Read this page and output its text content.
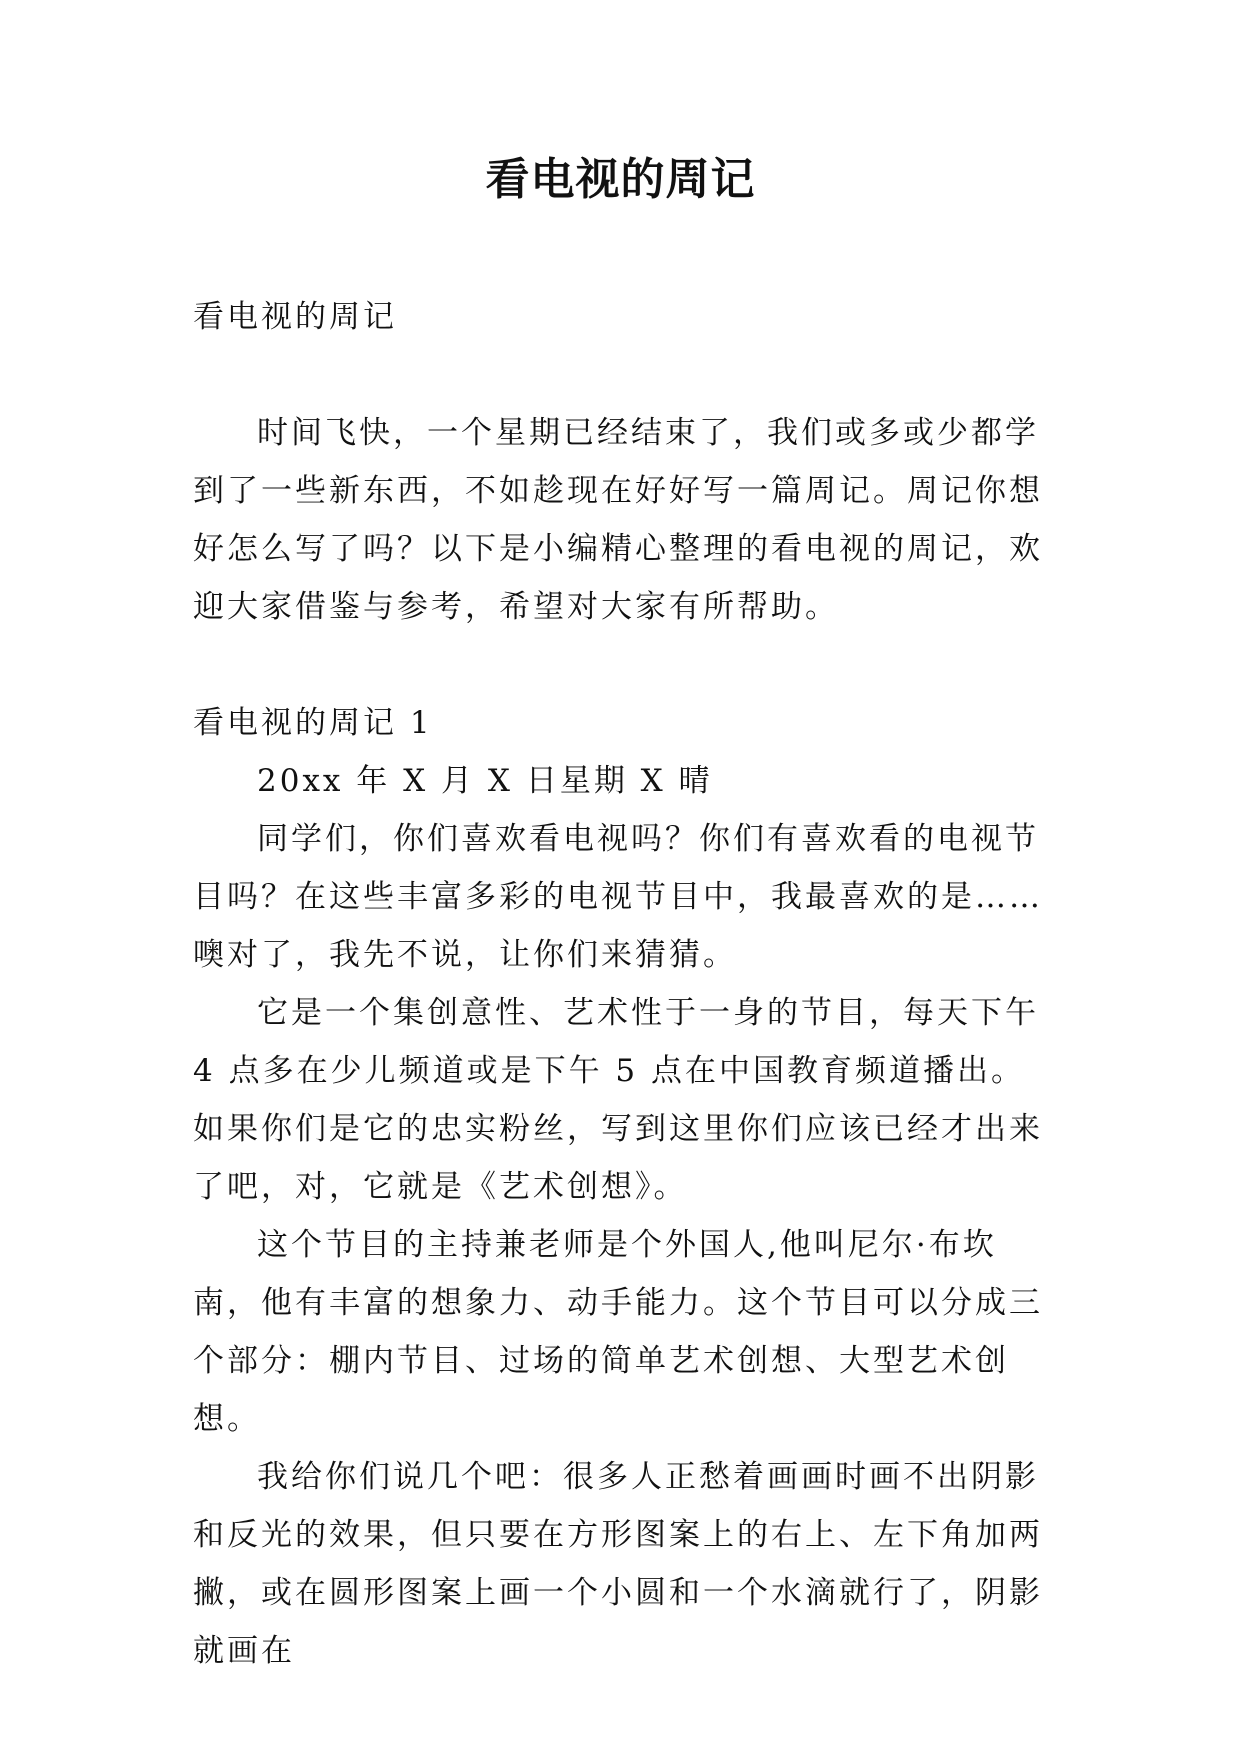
看电视的周记

看电视的周记

时间飞快，一个星期已经结束了，我们或多或少都学到了一些新东西，不如趁现在好好写一篇周记。周记你想好怎么写了吗？以下是小编精心整理的看电视的周记，欢迎大家借鉴与参考，希望对大家有所帮助。

看电视的周记 1

20xx 年 X 月 X 日星期 X 晴

同学们，你们喜欢看电视吗？你们有喜欢看的电视节目吗？在这些丰富多彩的电视节目中，我最喜欢的是……噢对了，我先不说，让你们来猜猜。

它是一个集创意性、艺术性于一身的节目，每天下午 4 点多在少儿频道或是下午 5 点在中国教育频道播出。如果你们是它的忠实粉丝，写到这里你们应该已经才出来了吧，对，它就是《艺术创想》。

这个节目的主持兼老师是个外国人,他叫尼尔·布坎南，他有丰富的想象力、动手能力。这个节目可以分成三个部分：棚内节目、过场的简单艺术创想、大型艺术创想。

我给你们说几个吧：很多人正愁着画画时画不出阴影和反光的效果，但只要在方形图案上的右上、左下角加两撇，或在圆形图案上画一个小圆和一个水滴就行了，阴影就画在
